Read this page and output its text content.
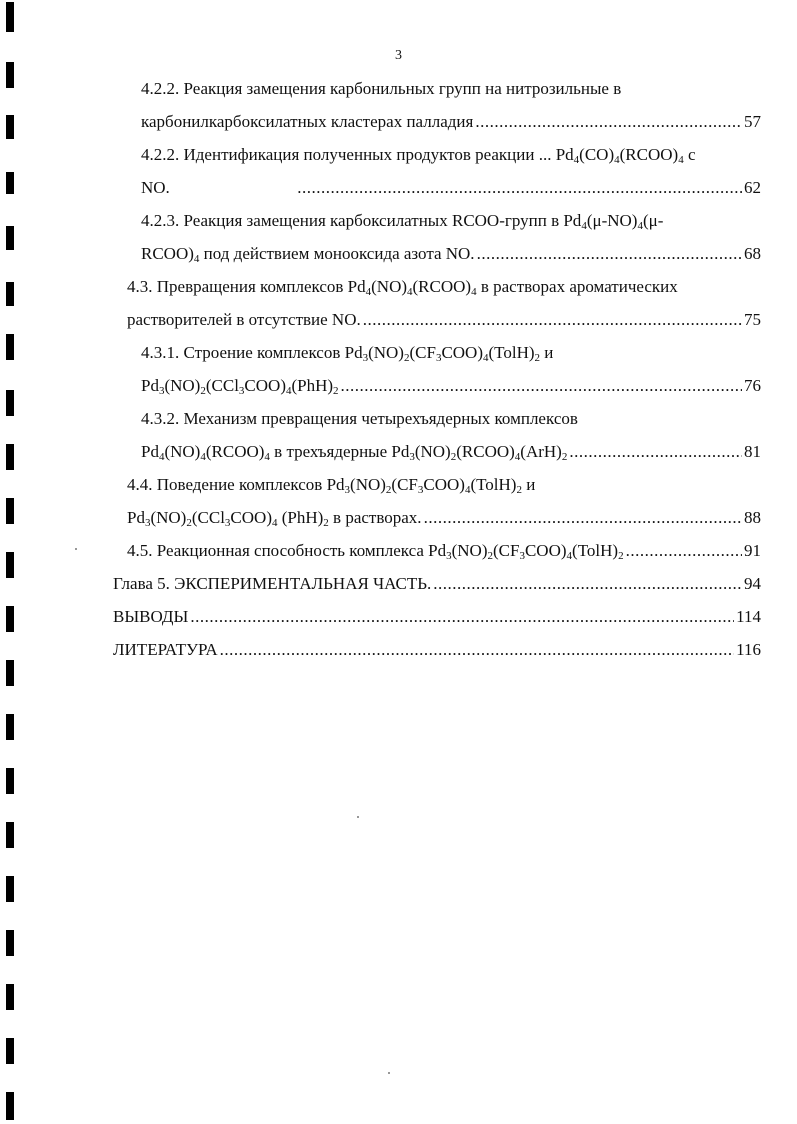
3
4.2.2. Реакция замещения карбонильных групп на нитрозильные в
карбонилкарбоксилатных кластерах палладия .....	57
4.2.2. Идентификация полученных продуктов реакции ... $Pd_4(CO)_4(RCOO)_4$ с
NO. .....	62
4.2.3. Реакция замещения карбоксилатных RCOO-групп в $Pd_4(\mu-NO)_4(\mu-$
$RCOO)_4$ под действием монооксида азота NO. .....	68
4.3. Превращения комплексов $Pd_4(NO)_4(RCOO)_4$ в растворах ароматических
растворителей в отсутствие NO. .....	75
4.3.1. Строение комплексов $Pd_3(NO)_2(CF_3COO)_4(TolH)_2$ и
$Pd_3(NO)_2(CCl_3COO)_4(PhH)_2$ .....	76
4.3.2. Механизм превращения четырехъядерных комплексов
$Pd_4(NO)_4(RCOO)_4$ в трехъядерные $Pd_3(NO)_2(RCOO)_4(ArH)_2$ .....	81
4.4. Поведение комплексов $Pd_3(NO)_2(CF_3COO)_4(TolH)_2$ и
$Pd_3(NO)_2(CCl_3COO)_4$ $(PhH)_2$ в растворах. .....	88
4.5. Реакционная способность комплекса $Pd_3(NO)_2(CF_3COO)_4(TolH)_2$ .....	91
Глава 5. ЭКСПЕРИМЕНТАЛЬНАЯ ЧАСТЬ. .....	94
ВЫВОДЫ .....	114
ЛИТЕРАТУРА .....	116
